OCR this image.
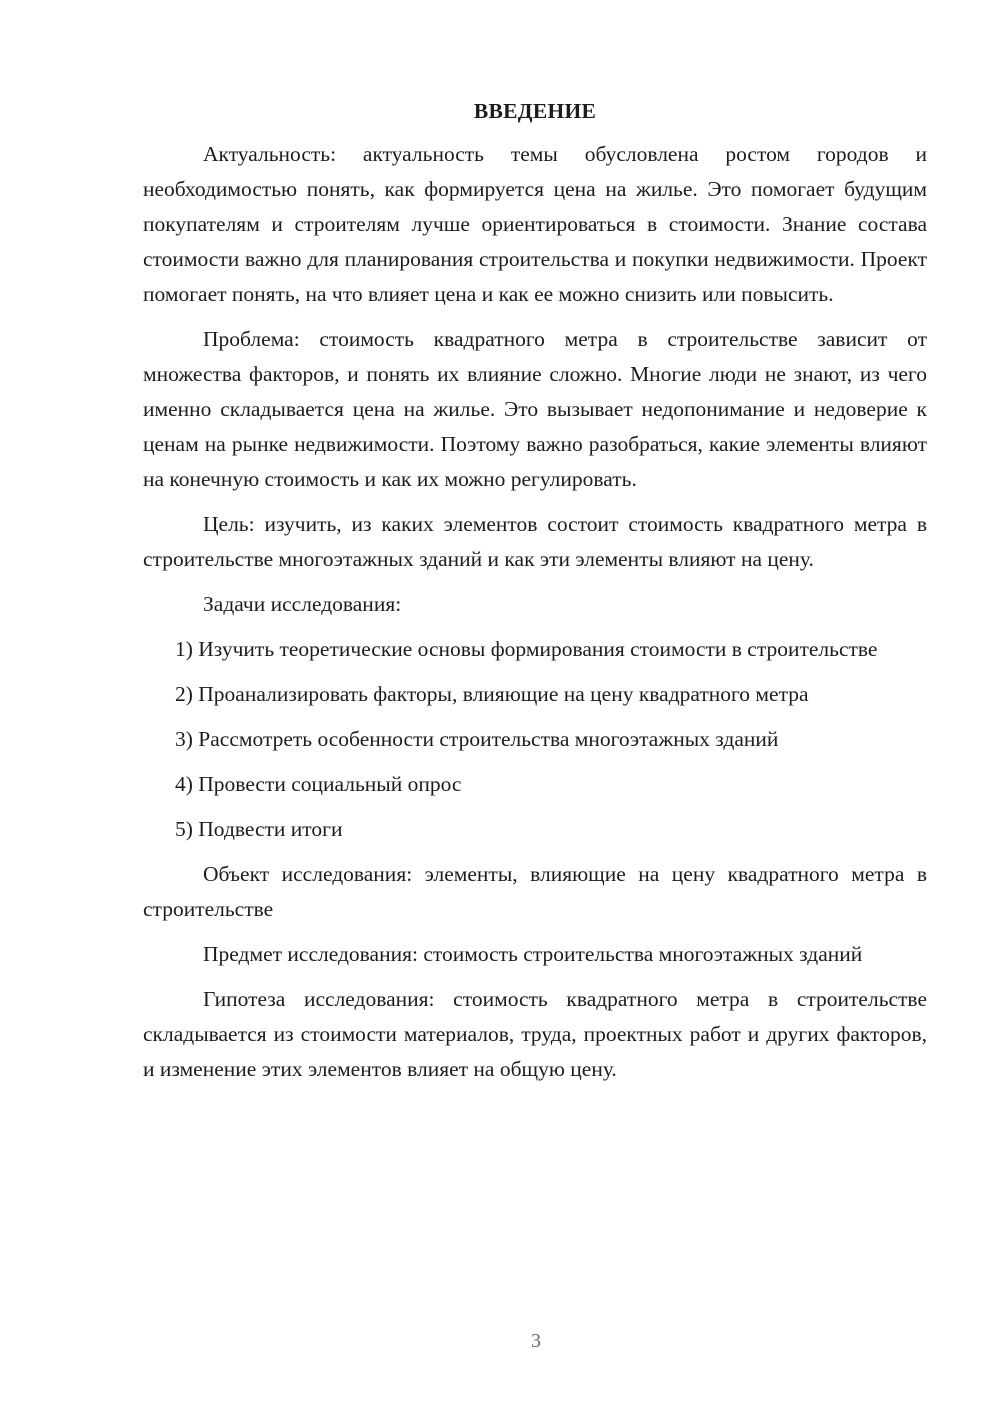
ВВЕДЕНИЕ

Актуальность: актуальность темы обусловлена ростом городов и необходимостью понять, как формируется цена на жилье. Это помогает будущим покупателям и строителям лучше ориентироваться в стоимости. Знание состава стоимости важно для планирования строительства и покупки недвижимости. Проект помогает понять, на что влияет цена и как ее можно снизить или повысить.

Проблема: стоимость квадратного метра в строительстве зависит от множества факторов, и понять их влияние сложно. Многие люди не знают, из чего именно складывается цена на жилье. Это вызывает недопонимание и недоверие к ценам на рынке недвижимости. Поэтому важно разобраться, какие элементы влияют на конечную стоимость и как их можно регулировать.

Цель: изучить, из каких элементов состоит стоимость квадратного метра в строительстве многоэтажных зданий и как эти элементы влияют на цену.

Задачи исследования:

1) Изучить теоретические основы формирования стоимости в строительстве

2) Проанализировать факторы, влияющие на цену квадратного метра

3) Рассмотреть особенности строительства многоэтажных зданий

4) Провести социальный опрос

5) Подвести итоги

Объект исследования: элементы, влияющие на цену квадратного метра в строительстве

Предмет исследования: стоимость строительства многоэтажных зданий

Гипотеза исследования: стоимость квадратного метра в строительстве складывается из стоимости материалов, труда, проектных работ и других факторов, и изменение этих элементов влияет на общую цену.

3
